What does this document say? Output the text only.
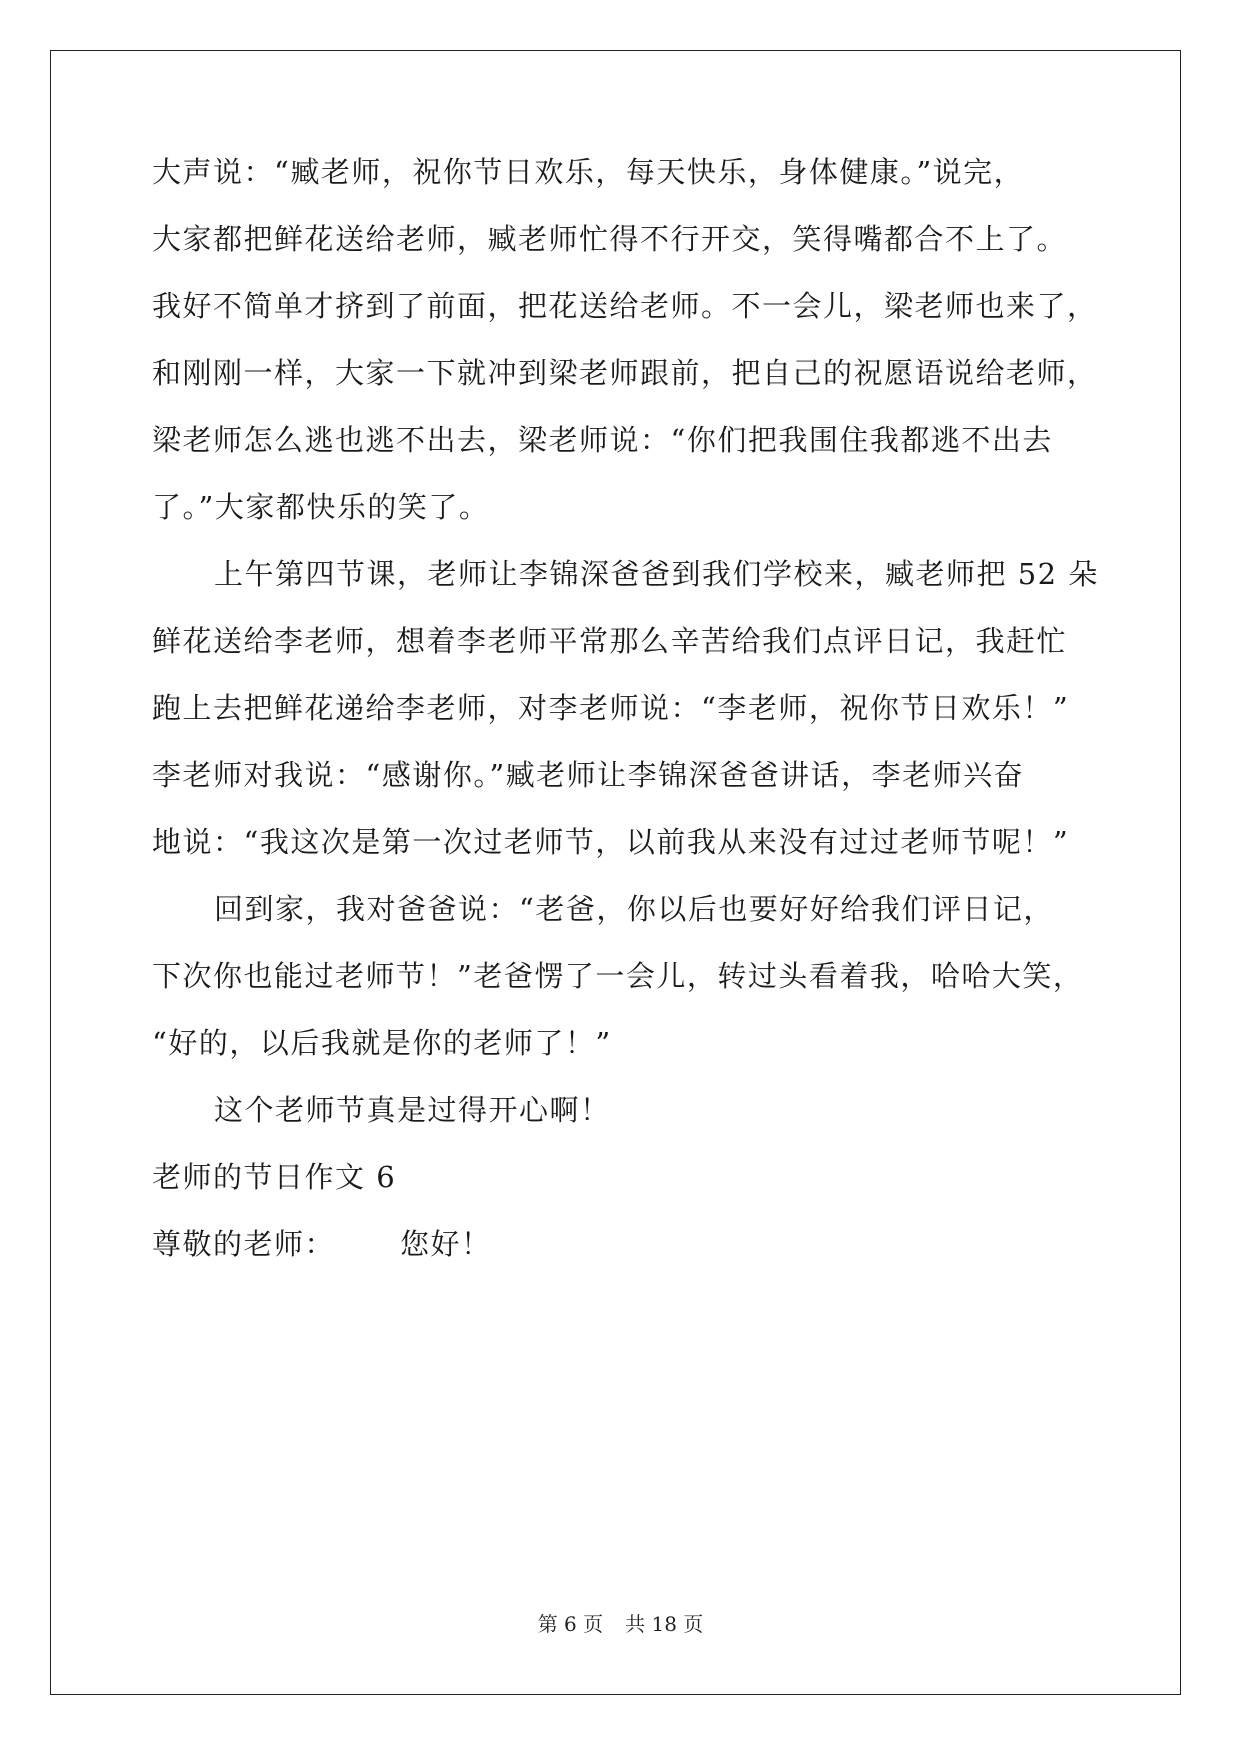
大声说：“臧老师，祝你节日欢乐，每天快乐，身体健康。”说完，
大家都把鲜花送给老师，臧老师忙得不行开交，笑得嘴都合不上了。
我好不简单才挤到了前面，把花送给老师。不一会儿，梁老师也来了，
和刚刚一样，大家一下就冲到梁老师跟前，把自己的祝愿语说给老师，
梁老师怎么逃也逃不出去，梁老师说：“你们把我围住我都逃不出去
了。”大家都快乐的笑了。
上午第四节课，老师让李锦深爸爸到我们学校来，臧老师把 52 朵
鲜花送给李老师，想着李老师平常那么辛苦给我们点评日记，我赶忙
跑上去把鲜花递给李老师，对李老师说：“李老师，祝你节日欢乐！”
李老师对我说：“感谢你。”臧老师让李锦深爸爸讲话，李老师兴奋
地说：“我这次是第一次过老师节，以前我从来没有过过老师节呢！”
回到家，我对爸爸说：“老爸，你以后也要好好给我们评日记，
下次你也能过老师节！”老爸愣了一会儿，转过头看着我，哈哈大笑，
“好的，以后我就是你的老师了！”
这个老师节真是过得开心啊！
老师的节日作文 6
尊敬的老师： 您好！
第 6 页 共 18 页
